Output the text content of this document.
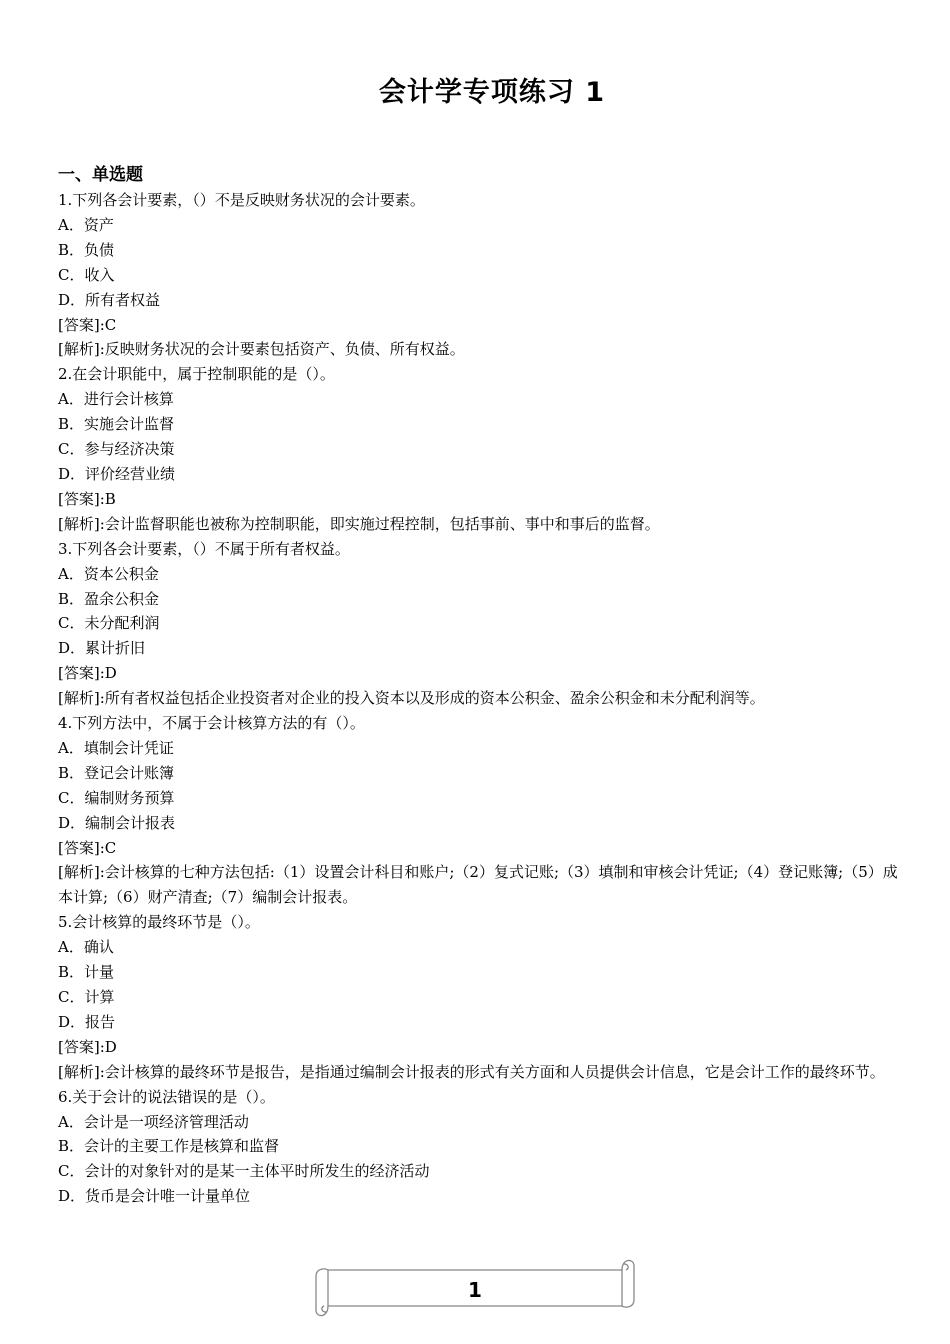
会计学专项练习 1

一、单选题

1.下列各会计要素，（）不是反映财务状况的会计要素。

A．资产

B．负债

C．收入

D．所有者权益

[答案]:C

[解析]:反映财务状况的会计要素包括资产、负债、所有权益。

2.在会计职能中，属于控制职能的是（）。

A．进行会计核算

B．实施会计监督

C．参与经济决策

D．评价经营业绩

[答案]:B

[解析]:会计监督职能也被称为控制职能，即实施过程控制，包括事前、事中和事后的监督。

3.下列各会计要素，（）不属于所有者权益。

A．资本公积金

B．盈余公积金

C．未分配利润

D．累计折旧

[答案]:D

[解析]:所有者权益包括企业投资者对企业的投入资本以及形成的资本公积金、盈余公积金和未分配利润等。

4.下列方法中，不属于会计核算方法的有（）。

A．填制会计凭证

B．登记会计账簿

C．编制财务预算

D．编制会计报表

[答案]:C

[解析]:会计核算的七种方法包括:（1）设置会计科目和账户;（2）复式记账;（3）填制和审核会计凭证;（4）登记账簿;（5）成本计算;（6）财产清查;（7）编制会计报表。

5.会计核算的最终环节是（）。

A．确认

B．计量

C．计算

D．报告

[答案]:D

[解析]:会计核算的最终环节是报告，是指通过编制会计报表的形式有关方面和人员提供会计信息，它是会计工作的最终环节。

6.关于会计的说法错误的是（）。

A．会计是一项经济管理活动

B．会计的主要工作是核算和监督

C．会计的对象针对的是某一主体平时所发生的经济活动

D．货币是会计唯一计量单位

1
